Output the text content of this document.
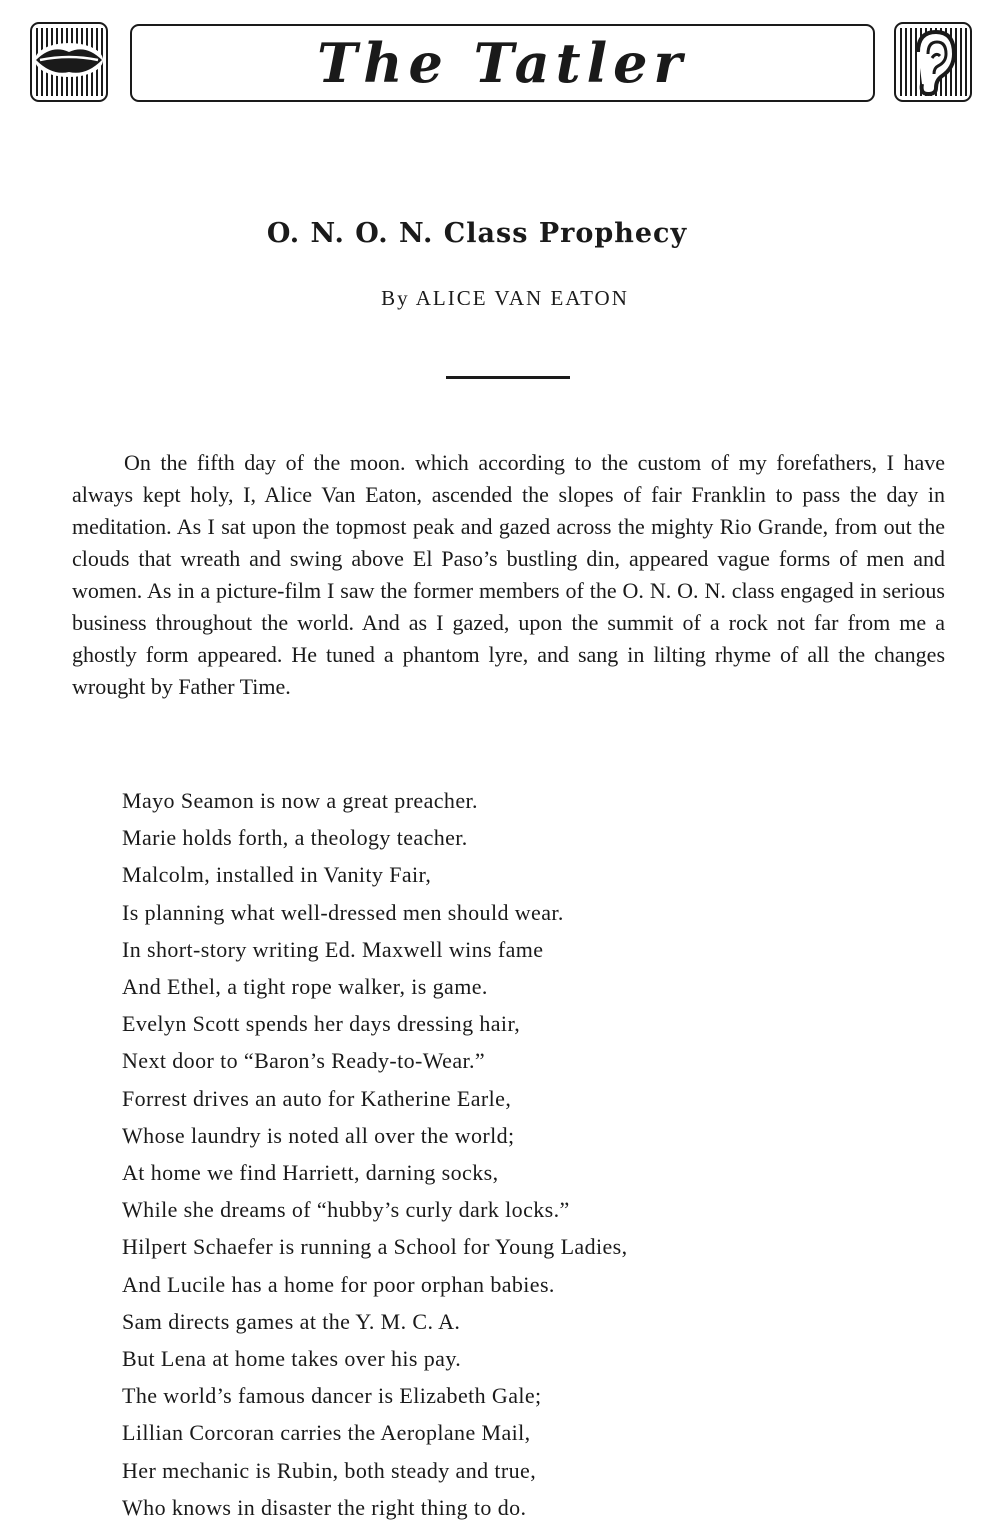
The Tatler
O. N. O. N. Class Prophecy
By ALICE VAN EATON

On the fifth day of the moon. which according to the custom of my forefathers, I have always kept holy, I, Alice Van Eaton, ascended the slopes of fair Franklin to pass the day in meditation. As I sat upon the topmost peak and gazed across the mighty Rio Grande, from out the clouds that wreath and swing above El Paso’s bustling din, appeared vague forms of men and women. As in a picture-film I saw the former members of the O. N. O. N. class engaged in serious business throughout the world. And as I gazed, upon the summit of a rock not far from me a ghostly form appeared. He tuned a phantom lyre, and sang in lilting rhyme of all the changes wrought by Father Time.

Mayo Seamon is now a great preacher.
Marie holds forth, a theology teacher.
Malcolm, installed in Vanity Fair,
Is planning what well-dressed men should wear.
In short-story writing Ed. Maxwell wins fame
And Ethel, a tight rope walker, is game.
Evelyn Scott spends her days dressing hair,
Next door to “Baron’s Ready-to-Wear.”
Forrest drives an auto for Katherine Earle,
Whose laundry is noted all over the world;
At home we find Harriett, darning socks,
While she dreams of “hubby’s curly dark locks.”
Hilpert Schaefer is running a School for Young Ladies,
And Lucile has a home for poor orphan babies.
Sam directs games at the Y. M. C. A.
But Lena at home takes over his pay.
The world’s famous dancer is Elizabeth Gale;
Lillian Corcoran carries the Aeroplane Mail,
Her mechanic is Rubin, both steady and true,
Who knows in disaster the right thing to do.
